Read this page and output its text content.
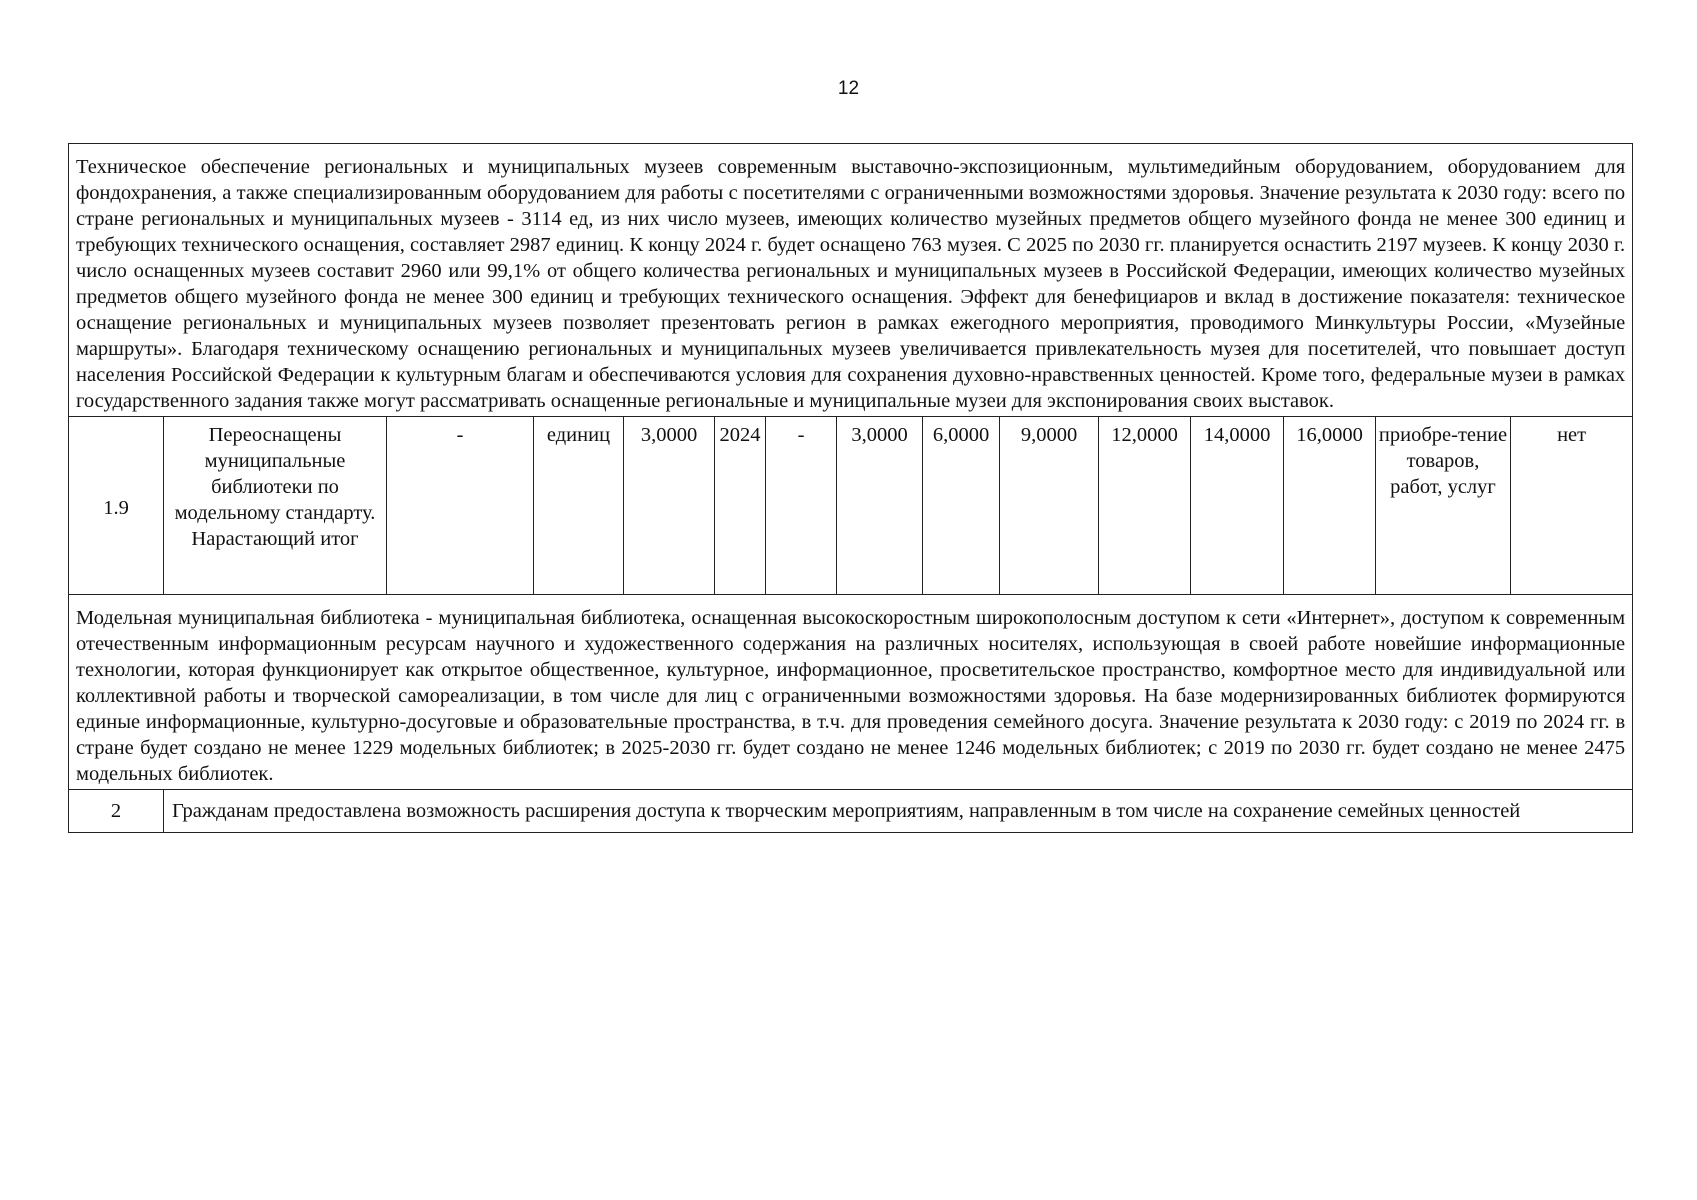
12
Техническое обеспечение региональных и муниципальных музеев современным выставочно-экспозиционным, мультимедийным оборудованием, оборудованием для фондохранения, а также специализированным оборудованием для работы с посетителями с ограниченными возможностями здоровья. Значение результата к 2030 году: всего по стране региональных и муниципальных музеев - 3114 ед, из них число музеев, имеющих количество музейных предметов общего музейного фонда не менее 300 единиц и требующих технического оснащения, составляет 2987 единиц. К концу 2024 г. будет оснащено 763 музея. С 2025 по 2030 гг. планируется оснастить 2197 музеев. К концу 2030 г. число оснащенных музеев составит 2960 или 99,1% от общего количества региональных и муниципальных музеев в Российской Федерации, имеющих количество музейных предметов общего музейного фонда не менее 300 единиц и требующих технического оснащения. Эффект для бенефициаров и вклад в достижение показателя: техническое оснащение региональных и муниципальных музеев позволяет презентовать регион в рамках ежегодного мероприятия, проводимого Минкультуры России, «Музейные маршруты». Благодаря техническому оснащению региональных и муниципальных музеев увеличивается привлекательность музея для посетителей, что повышает доступ населения Российской Федерации к культурным благам и обеспечиваются условия для сохранения духовно-нравственных ценностей. Кроме того, федеральные музеи в рамках государственного задания также могут рассматривать оснащенные региональные и муниципальные музеи для экспонирования своих выставок.														
1.9	Переоснащены муниципальные библиотеки по модельному стандарту. Нарастающий итог	-	единиц	3,0000	2024	-	3,0000	6,0000	9,0000	12,0000	14,0000	16,0000	приобре-тение товаров, работ, услуг	нет
Модельная муниципальная библиотека - муниципальная библиотека, оснащенная высокоскоростным широкополосным доступом к сети «Интернет», доступом к современным отечественным информационным ресурсам научного и художественного содержания на различных носителях, использующая в своей работе новейшие информационные технологии, которая функционирует как открытое общественное, культурное, информационное, просветительское пространство, комфортное место для индивидуальной или коллективной работы и творческой самореализации, в том числе для лиц с ограниченными возможностями здоровья. На базе модернизированных библиотек формируются единые информационные, культурно-досуговые и образовательные пространства, в т.ч. для проведения семейного досуга. Значение результата к 2030 году: с 2019 по 2024 гг. в стране будет создано не менее 1229 модельных библиотек; в 2025-2030 гг. будет создано не менее 1246 модельных библиотек; с 2019 по 2030 гг. будет создано не менее 2475 модельных библиотек.														
2	Гражданам предоставлена возможность расширения доступа к творческим мероприятиям, направленным в том числе на сохранение семейных ценностей													
